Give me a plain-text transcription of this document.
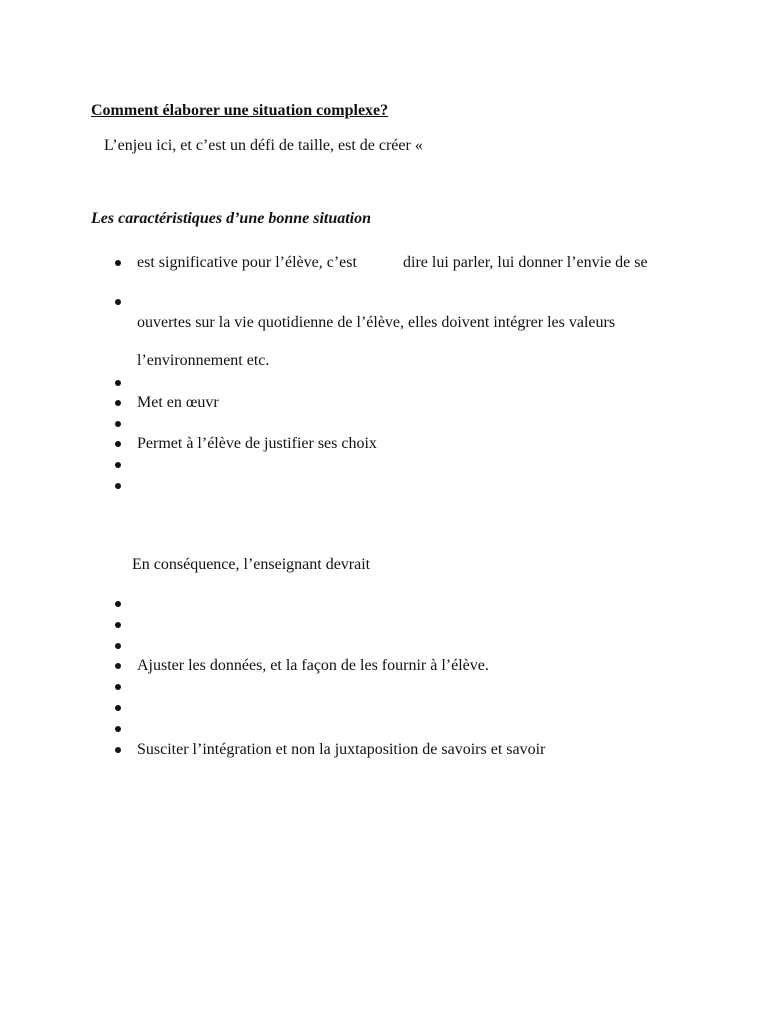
Comment élaborer une situation complexe?
L’enjeu ici, et c’est un défi de taille, est de créer «
Les caractéristiques d’une bonne situation
est significative pour l’élève, c’est	dire lui parler, lui donner l’envie de se
ouvertes sur la vie quotidienne de l’élève, elles doivent intégrer les valeurs
l’environnement etc.
Met en œuvr
Permet à l’élève de justifier ses choix
En conséquence, l’enseignant devrait
Ajuster les données, et la façon de les fournir à l’élève.
Susciter l’intégration et non la juxtaposition de savoirs et savoir
